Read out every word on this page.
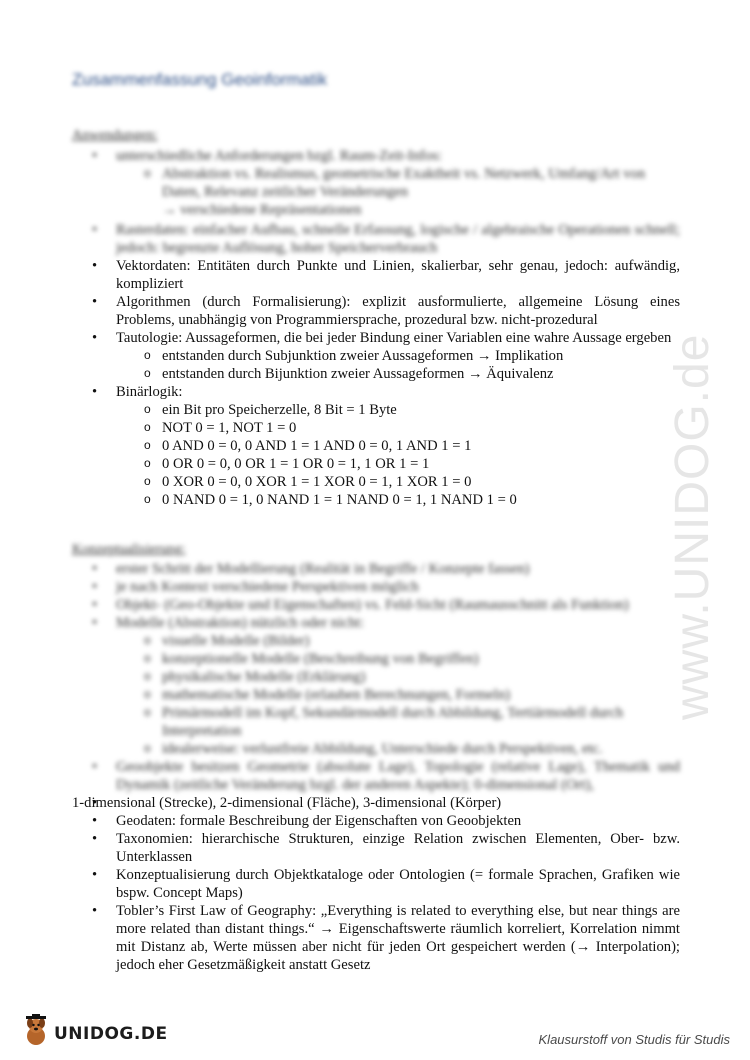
www.UNIDOG.de
Zusammenfassung Geoinformatik
Anwendungen:
• unterschiedliche Anforderungen bzgl. Raum-Zeit-Infos:
o Abstraktion vs. Realismus, geometrische Exaktheit vs. Netzwerk, Umfang/Art von Daten, Relevanz zeitlicher Veränderungen
→ verschiedene Repräsentationen
• Rasterdaten: einfacher Aufbau, schnelle Erfassung, logische / algebraische Operationen schnell; jedoch: begrenzte Auflösung, hoher Speicherverbrauch
• Vektordaten: Entitäten durch Punkte und Linien, skalierbar, sehr genau, jedoch: aufwändig, kompliziert
• Algorithmen (durch Formalisierung): explizit ausformulierte, allgemeine Lösung eines Problems, unabhängig von Programmiersprache, prozedural bzw. nicht-prozedural
• Tautologie: Aussageformen, die bei jeder Bindung einer Variablen eine wahre Aussage ergeben
o entstanden durch Subjunktion zweier Aussageformen → Implikation
o entstanden durch Bijunktion zweier Aussageformen → Äquivalenz
• Binärlogik:
o ein Bit pro Speicherzelle, 8 Bit = 1 Byte
o NOT 0 = 1, NOT 1 = 0
o 0 AND 0 = 0, 0 AND 1 = 1 AND 0 = 0, 1 AND 1 = 1
o 0 OR 0 = 0, 0 OR 1 = 1 OR 0 = 1, 1 OR 1 = 1
o 0 XOR 0 = 0, 0 XOR 1 = 1 XOR 0 = 1, 1 XOR 1 = 0
o 0 NAND 0 = 1, 0 NAND 1 = 1 NAND 0 = 1, 1 NAND 1 = 0
Konzeptualisierung:
• erster Schritt der Modellierung (Realität in Begriffe / Konzepte fassen)
• je nach Kontext verschiedene Perspektiven möglich
• Objekt- (Geo-Objekte und Eigenschaften) vs. Feld-Sicht (Raumausschnitt als Funktion)
• Modelle (Abstraktion) nützlich oder nicht:
o visuelle Modelle (Bilder)
o konzeptionelle Modelle (Beschreibung von Begriffen)
o physikalische Modelle (Erklärung)
o mathematische Modelle (erlauben Berechnungen, Formeln)
o Primärmodell im Kopf, Sekundärmodell durch Abbildung, Tertiärmodell durch Interpretation
o idealerweise: verlustfreie Abbildung, Unterschiede durch Perspektiven, etc.
• Geoobjekte besitzen Geometrie (absolute Lage), Topologie (relative Lage), Thematik und Dynamik (zeitliche Veränderung bzgl. der anderen Aspekte); 0-dimensional (Ort),
• 1-dimensional (Strecke), 2-dimensional (Fläche), 3-dimensional (Körper)
• Geodaten: formale Beschreibung der Eigenschaften von Geoobjekten
• Taxonomien: hierarchische Strukturen, einzige Relation zwischen Elementen, Ober- bzw. Unterklassen
• Konzeptualisierung durch Objektkataloge oder Ontologien (= formale Sprachen, Grafiken wie bspw. Concept Maps)
• Tobler’s First Law of Geography: „Everything is related to everything else, but near things are more related than distant things.“ → Eigenschaftswerte räumlich korreliert, Korrelation nimmt mit Distanz ab, Werte müssen aber nicht für jeden Ort gespeichert werden (→ Interpolation); jedoch eher Gesetzmäßigkeit anstatt Gesetz
UNIDOG.DE	Klausurstoff von Studis für Studis
